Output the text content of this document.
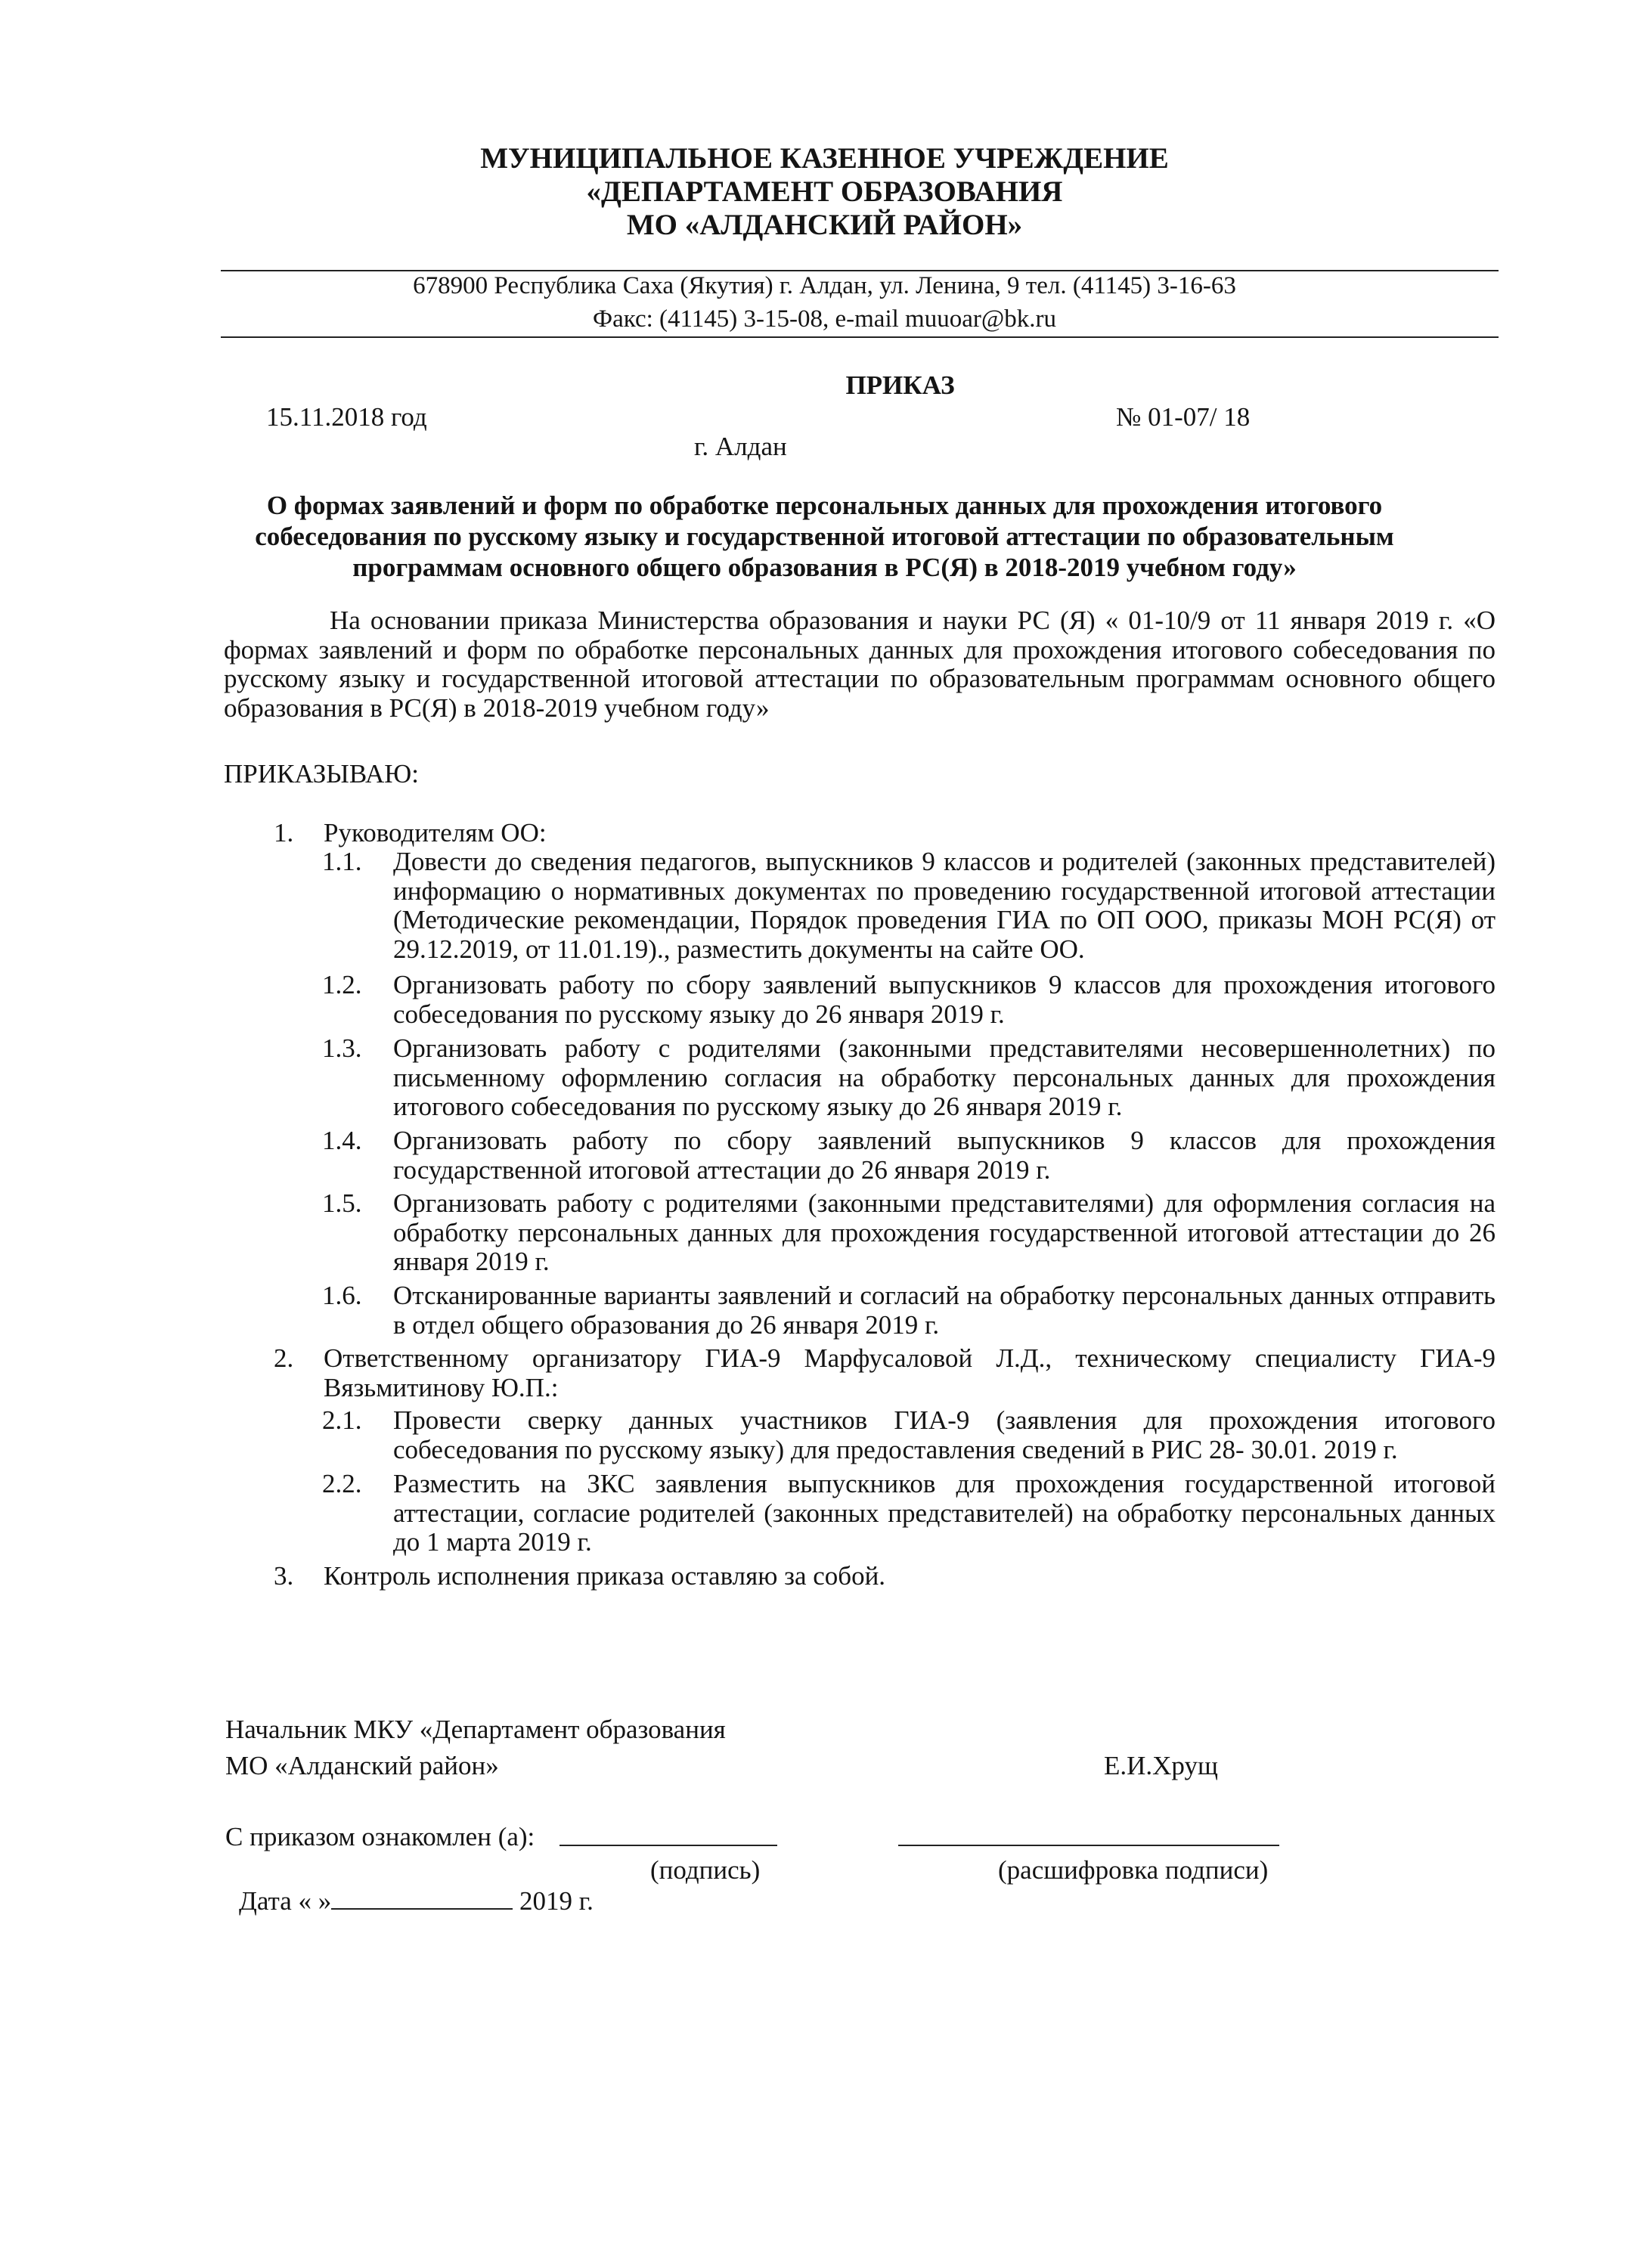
МУНИЦИПАЛЬНОЕ КАЗЕННОЕ УЧРЕЖДЕНИЕ
«ДЕПАРТАМЕНТ ОБРАЗОВАНИЯ
МО «АЛДАНСКИЙ РАЙОН»
678900 Республика Саха (Якутия) г. Алдан, ул. Ленина, 9 тел. (41145) 3-16-63
Факс: (41145) 3-15-08, e-mail muuoar@bk.ru
ПРИКАЗ
15.11.2018 год	№ 01-07/ 18
г. Алдан
О формах заявлений и форм по обработке персональных данных для прохождения итогового
собеседования по русскому языку и государственной итоговой аттестации по образовательным
программам основного общего образования в РС(Я) в 2018-2019 учебном году»
На основании приказа Министерства образования и науки РС (Я) « 01-10/9 от 11 января 2019 г. «О формах заявлений и форм по обработке персональных данных для прохождения итогового собеседования по русскому языку и государственной итоговой аттестации по образовательным программам основного общего образования в РС(Я) в 2018-2019 учебном году»
ПРИКАЗЫВАЮ:
1. Руководителям ОО:
1.1. Довести до сведения педагогов, выпускников 9 классов и родителей (законных представителей) информацию о нормативных документах по проведению государственной итоговой аттестации (Методические рекомендации, Порядок проведения ГИА по ОП ООО, приказы МОН РС(Я) от 29.12.2019, от 11.01.19)., разместить документы на сайте ОО.
1.2. Организовать работу по сбору заявлений выпускников 9 классов для прохождения итогового собеседования по русскому языку до 26 января 2019 г.
1.3. Организовать работу с родителями (законными представителями несовершеннолетних) по письменному оформлению согласия на обработку персональных данных для прохождения итогового собеседования по русскому языку до 26 января 2019 г.
1.4. Организовать работу по сбору заявлений выпускников 9 классов для прохождения государственной итоговой аттестации до 26 января 2019 г.
1.5. Организовать работу с родителями (законными представителями) для оформления согласия на обработку персональных данных для прохождения государственной итоговой аттестации до 26 января 2019 г.
1.6. Отсканированные варианты заявлений и согласий на обработку персональных данных отправить в отдел общего образования до 26 января 2019 г.
2. Ответственному организатору ГИА-9 Марфусаловой Л.Д., техническому специалисту ГИА-9 Вязьмитинову Ю.П.:
2.1. Провести сверку данных участников ГИА-9 (заявления для прохождения итогового собеседования по русскому языку) для предоставления сведений в РИС 28- 30.01. 2019 г.
2.2. Разместить на ЗКС заявления выпускников для прохождения государственной итоговой аттестации, согласие родителей (законных представителей) на обработку персональных данных до 1 марта 2019 г.
3. Контроль исполнения приказа оставляю за собой.
Начальник МКУ «Департамент образования
МО «Алданский район»	Е.И.Хрущ
С приказом ознакомлен (а):
(подпись)	(расшифровка подписи)
Дата « »	2019 г.
